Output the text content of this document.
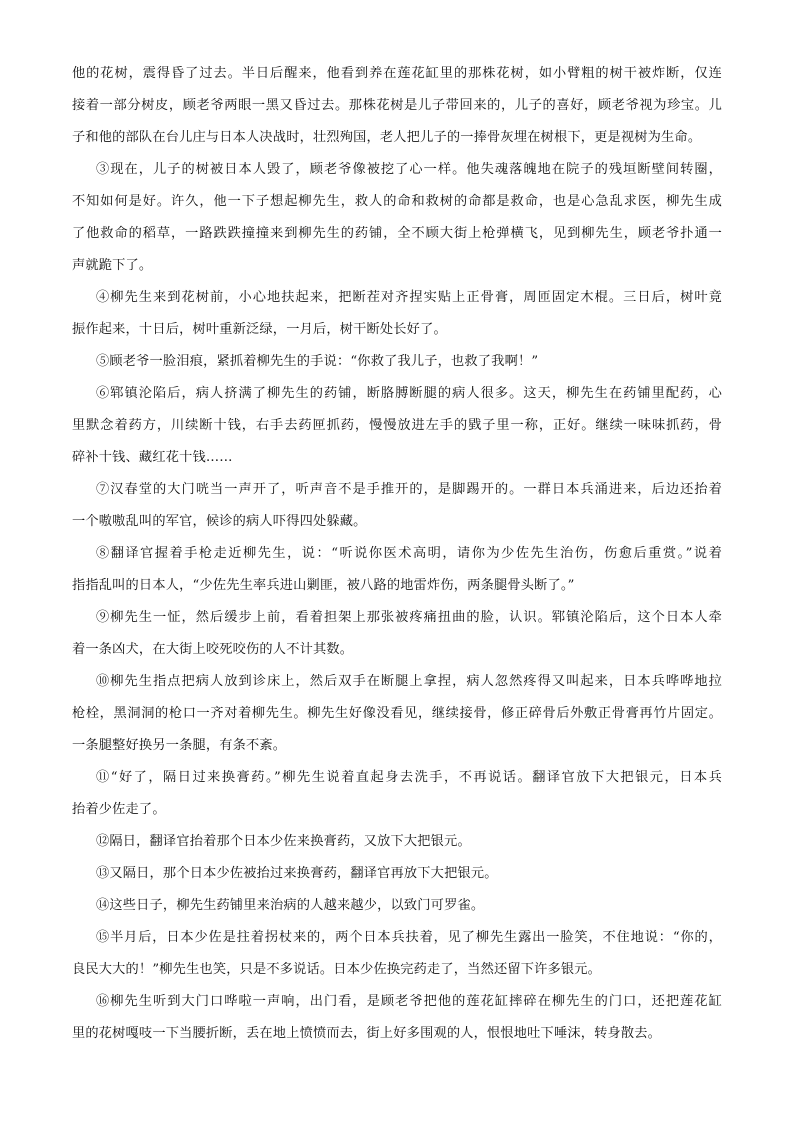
他的花树，震得昏了过去。半日后醒来，他看到养在莲花缸里的那株花树，如小臂粗的树干被炸断，仅连
接着一部分树皮，顾老爷两眼一黑又昏过去。那株花树是儿子带回来的，儿子的喜好，顾老爷视为珍宝。儿
子和他的部队在台儿庄与日本人决战时，壮烈殉国，老人把儿子的一捧骨灰埋在树根下，更是视树为生命。
③现在，儿子的树被日本人毁了，顾老爷像被挖了心一样。他失魂落魄地在院子的残垣断壁间转圈，
不知如何是好。许久，他一下子想起柳先生，救人的命和救树的命都是救命，也是心急乱求医，柳先生成
了他救命的稻草，一路跌跌撞撞来到柳先生的药铺，全不顾大街上枪弹横飞，见到柳先生，顾老爷扑通一
声就跪下了。
④柳先生来到花树前，小心地扶起来，把断茬对齐捏实贴上正骨膏，周匝固定木棍。三日后，树叶竟
振作起来，十日后，树叶重新泛绿，一月后，树干断处长好了。
⑤顾老爷一脸泪痕，紧抓着柳先生的手说：“你救了我儿子，也救了我啊！”
⑥郓镇沦陷后，病人挤满了柳先生的药铺，断胳膊断腿的病人很多。这天，柳先生在药铺里配药，心
里默念着药方，川续断十钱，右手去药匣抓药，慢慢放进左手的戥子里一称，正好。继续一味味抓药，骨
碎补十钱、藏红花十钱……
⑦汉春堂的大门咣当一声开了，听声音不是手推开的，是脚踢开的。一群日本兵涌进来，后边还抬着
一个嗷嗷乱叫的军官，候诊的病人吓得四处躲藏。
⑧翻译官握着手枪走近柳先生，说：“听说你医术高明，请你为少佐先生治伤，伤愈后重赏。”说着
指指乱叫的日本人，“少佐先生率兵进山剿匪，被八路的地雷炸伤，两条腿骨头断了。”
⑨柳先生一怔，然后缓步上前，看着担架上那张被疼痛扭曲的脸，认识。郓镇沦陷后，这个日本人牵
着一条凶犬，在大街上咬死咬伤的人不计其数。
⑩柳先生指点把病人放到诊床上，然后双手在断腿上拿捏，病人忽然疼得又叫起来，日本兵哗哗地拉
枪栓，黑洞洞的枪口一齐对着柳先生。柳先生好像没看见，继续接骨，修正碎骨后外敷正骨膏再竹片固定。
一条腿整好换另一条腿，有条不紊。
⑪“好了，隔日过来换膏药。”柳先生说着直起身去洗手，不再说话。翻译官放下大把银元，日本兵
抬着少佐走了。
⑫隔日，翻译官抬着那个日本少佐来换膏药，又放下大把银元。
⑬又隔日，那个日本少佐被抬过来换膏药，翻译官再放下大把银元。
⑭这些日子，柳先生药铺里来治病的人越来越少，以致门可罗雀。
⑮半月后，日本少佐是拄着拐杖来的，两个日本兵扶着，见了柳先生露出一脸笑，不住地说：“你的，
良民大大的！”柳先生也笑，只是不多说话。日本少佐换完药走了，当然还留下许多银元。
⑯柳先生听到大门口哗啦一声响，出门看，是顾老爷把他的莲花缸摔碎在柳先生的门口，还把莲花缸
里的花树嘎吱一下当腰折断，丢在地上愤愤而去，街上好多围观的人，恨恨地吐下唾沫，转身散去。
